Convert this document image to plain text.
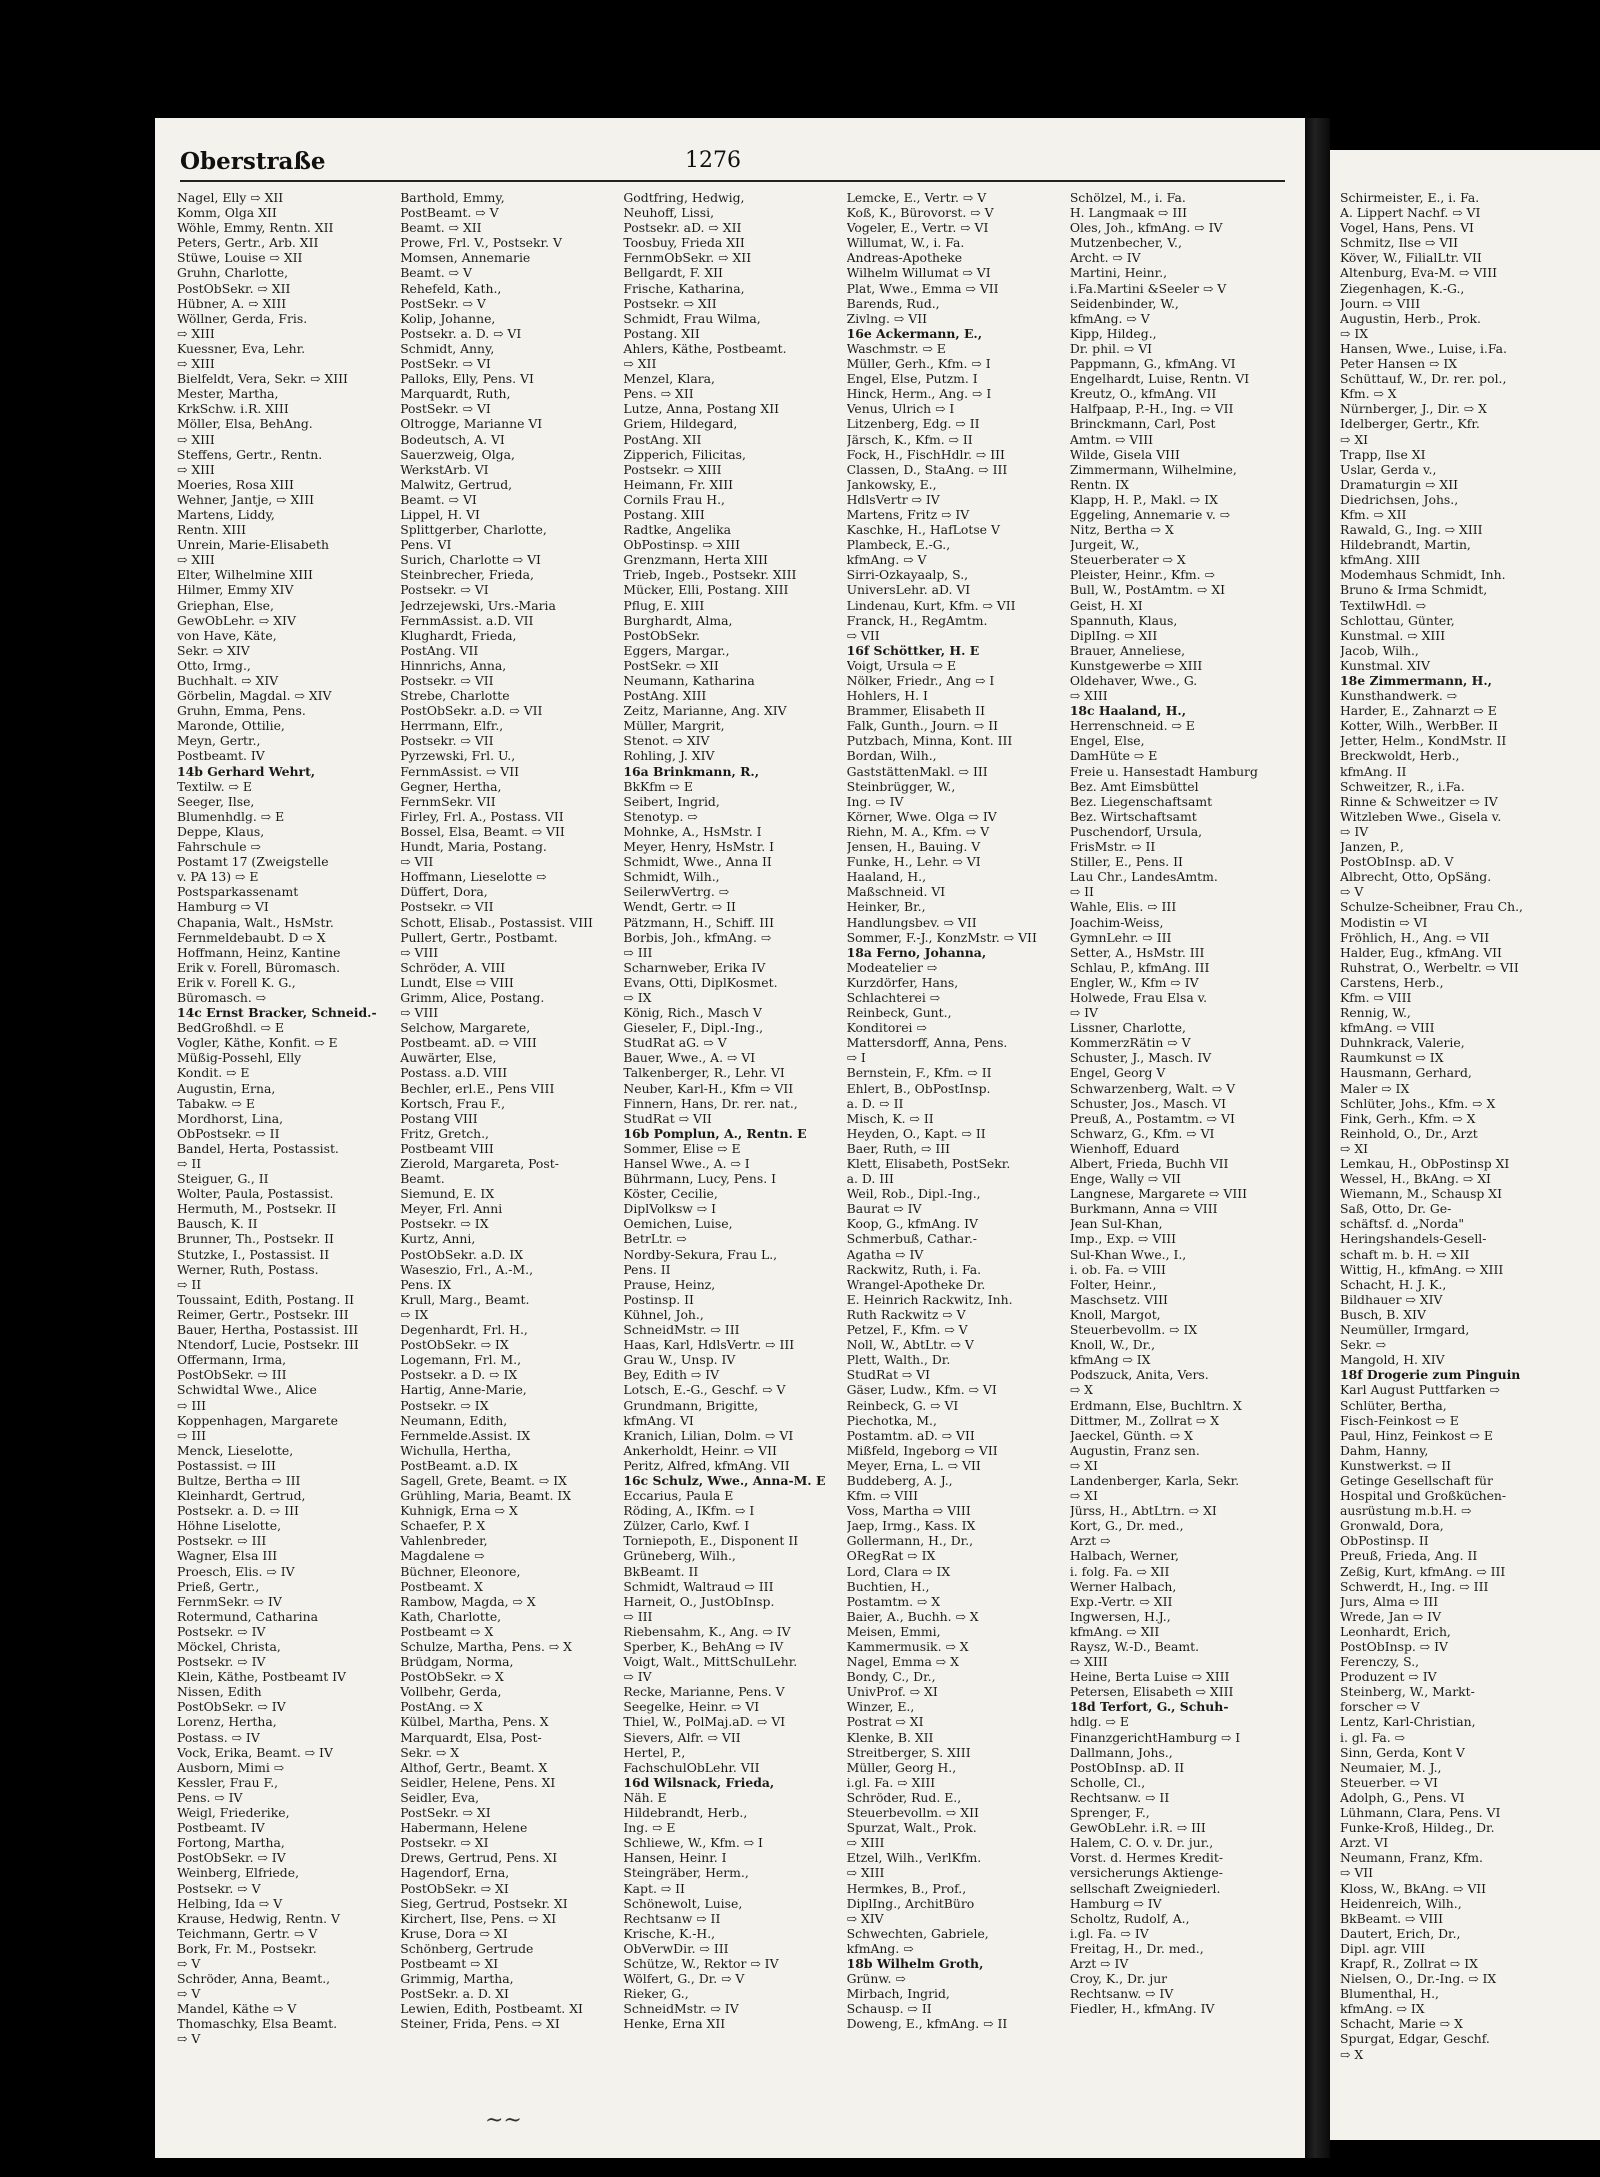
Oberstraße	1276
Nagel, Elly ⇨ XII
Komm, Olga XII
Wöhle, Emmy, Rentn. XII
Peters, Gertr., Arb. XII
Stüwe, Louise ⇨ XII
Gruhn, Charlotte,
PostObSekr. ⇨ XII
Hübner, A. ⇨ XIII
Wöllner, Gerda, Fris.
⇨ XIII
Kuessner, Eva, Lehr.
⇨ XIII
Bielfeldt, Vera, Sekr. ⇨ XIII
Mester, Martha,
KrkSchw. i.R. XIII
Möller, Elsa, BehAng.
⇨ XIII
Steffens, Gertr., Rentn.
⇨ XIII
Moeries, Rosa XIII
Wehner, Jantje, ⇨ XIII
Martens, Liddy,
Rentn. XIII
Unrein, Marie-Elisabeth
⇨ XIII
Elter, Wilhelmine XIII
Hilmer, Emmy XIV
Griephan, Else,
GewObLehr. ⇨ XIV
von Have, Käte,
Sekr. ⇨ XIV
Otto, Irmg.,
Buchhalt. ⇨ XIV
Görbelin, Magdal. ⇨ XIV
Gruhn, Emma, Pens.
Maronde, Ottilie,
Meyn, Gertr.,
Postbeamt. IV
14b Gerhard Wehrt,
Textilw. ⇨ E
Seeger, Ilse,
Blumenhdlg. ⇨ E
Deppe, Klaus,
Fahrschule ⇨
Postamt 17 (Zweigstelle
v. PA 13) ⇨ E
Postsparkassenamt
Hamburg ⇨ VI
Chapania, Walt., HsMstr.
Fernmeldebaubt. D ⇨ X
Hoffmann, Heinz, Kantine
Erik v. Forell, Büromasch.
Erik v. Forell K. G.,
Büromasch. ⇨
14c Ernst Bracker, Schneid.-
BedGroßhdl. ⇨ E
Vogler, Käthe, Konfit. ⇨ E
Müßig-Possehl, Elly
Kondit. ⇨ E
Augustin, Erna,
Tabakw. ⇨ E
Mordhorst, Lina,
ObPostsekr. ⇨ II
Bandel, Herta, Postassist.
⇨ II
Steiguer, G., II
Wolter, Paula, Postassist.
Hermuth, M., Postsekr. II
Bausch, K. II
Brunner, Th., Postsekr. II
Stutzke, I., Postassist. II
Werner, Ruth, Postass.
⇨ II
Toussaint, Edith, Postang. II
Reimer, Gertr., Postsekr. III
Bauer, Hertha, Postassist. III
Ntendorf, Lucie, Postsekr. III
Offermann, Irma,
PostObSekr. ⇨ III
Schwidtal Wwe., Alice
⇨ III
Koppenhagen, Margarete
⇨ III
Menck, Lieselotte,
Postassist. ⇨ III
Bultze, Bertha ⇨ III
Kleinhardt, Gertrud,
Postsekr. a. D. ⇨ III
Höhne Liselotte,
Postsekr. ⇨ III
Wagner, Elsa III
Proesch, Elis. ⇨ IV
Prieß, Gertr.,
FernmSekr. ⇨ IV
Rotermund, Catharina
Postsekr. ⇨ IV
Möckel, Christa,
Postsekr. ⇨ IV
Klein, Käthe, Postbeamt IV
Nissen, Edith
PostObSekr. ⇨ IV
Lorenz, Hertha,
Postass. ⇨ IV
Vock, Erika, Beamt. ⇨ IV
Ausborn, Mimi ⇨
Kessler, Frau F.,
Pens. ⇨ IV
Weigl, Friederike,
Postbeamt. IV
Fortong, Martha,
PostObSekr. ⇨ IV
Weinberg, Elfriede,
Postsekr. ⇨ V
Helbing, Ida ⇨ V
Krause, Hedwig, Rentn. V
Teichmann, Gertr. ⇨ V
Bork, Fr. M., Postsekr.
⇨ V
Schröder, Anna, Beamt.,
⇨ V
Mandel, Käthe ⇨ V
Thomaschky, Elsa Beamt.
⇨ V
Barthold, Emmy,
PostBeamt. ⇨ V
Beamt. ⇨ XII
Prowe, Frl. V., Postsekr. V
Momsen, Annemarie
Beamt. ⇨ V
Rehefeld, Kath.,
PostSekr. ⇨ V
Kolip, Johanne,
Postsekr. a. D. ⇨ VI
Schmidt, Anny,
PostSekr. ⇨ VI
Palloks, Elly, Pens. VI
Marquardt, Ruth,
PostSekr. ⇨ VI
Oltrogge, Marianne VI
Bodeutsch, A. VI
Sauerzweig, Olga,
WerkstArb. VI
Malwitz, Gertrud,
Beamt. ⇨ VI
Lippel, H. VI
Splittgerber, Charlotte,
Pens. VI
Surich, Charlotte ⇨ VI
Steinbrecher, Frieda,
Postsekr. ⇨ VI
Jedrzejewski, Urs.-Maria
FernmAssist. a.D. VII
Klughardt, Frieda,
PostAng. VII
Hinnrichs, Anna,
Postsekr. ⇨ VII
Strebe, Charlotte
PostObSekr. a.D. ⇨ VII
Herrmann, Elfr.,
Postsekr. ⇨ VII
Pyrzewski, Frl. U.,
FernmAssist. ⇨ VII
Gegner, Hertha,
FernmSekr. VII
Firley, Frl. A., Postass. VII
Bossel, Elsa, Beamt. ⇨ VII
Hundt, Maria, Postang.
⇨ VII
Hoffmann, Lieselotte ⇨
Düffert, Dora,
Postsekr. ⇨ VII
Schott, Elisab., Postassist. VIII
Pullert, Gertr., Postbamt.
⇨ VIII
Schröder, A. VIII
Lundt, Else ⇨ VIII
Grimm, Alice, Postang.
⇨ VIII
Selchow, Margarete,
Postbeamt. aD. ⇨ VIII
Auwärter, Else,
Postass. a.D. VIII
Bechler, erl.E., Pens VIII
Kortsch, Frau F.,
Postang VIII
Fritz, Gretch.,
Postbeamt VIII
Zierold, Margareta, Post-
Beamt.
Siemund, E. IX
Meyer, Frl. Anni
Postsekr. ⇨ IX
Kurtz, Anni,
PostObSekr. a.D. IX
Waseszio, Frl., A.-M.,
Pens. IX
Krull, Marg., Beamt.
⇨ IX
Degenhardt, Frl. H.,
PostObSekr. ⇨ IX
Logemann, Frl. M.,
Postsekr. a D. ⇨ IX
Hartig, Anne-Marie,
Postsekr. ⇨ IX
Neumann, Edith,
Fernmelde.Assist. IX
Wichulla, Hertha,
PostBeamt. a.D. IX
Sagell, Grete, Beamt. ⇨ IX
Grühling, Maria, Beamt. IX
Kuhnigk, Erna ⇨ X
Schaefer, P. X
Vahlenbreder,
Magdalene ⇨
Büchner, Eleonore,
Postbeamt. X
Rambow, Magda, ⇨ X
Kath, Charlotte,
Postbeamt ⇨ X
Schulze, Martha, Pens. ⇨ X
Brüdgam, Norma,
PostObSekr. ⇨ X
Vollbehr, Gerda,
PostAng. ⇨ X
Külbel, Martha, Pens. X
Marquardt, Elsa, Post-
Sekr. ⇨ X
Althof, Gertr., Beamt. X
Seidler, Helene, Pens. XI
Seidler, Eva,
PostSekr. ⇨ XI
Habermann, Helene
Postsekr. ⇨ XI
Drews, Gertrud, Pens. XI
Hagendorf, Erna,
PostObSekr. ⇨ XI
Sieg, Gertrud, Postsekr. XI
Kirchert, Ilse, Pens. ⇨ XI
Kruse, Dora ⇨ XI
Schönberg, Gertrude
Postbeamt ⇨ XI
Grimmig, Martha,
PostSekr. a. D. XI
Lewien, Edith, Postbeamt. XI
Steiner, Frida, Pens. ⇨ XI
Godtfring, Hedwig,
Neuhoff, Lissi,
Postsekr. aD. ⇨ XII
Toosbuy, Frieda XII
FernmObSekr. ⇨ XII
Bellgardt, F. XII
Frische, Katharina,
Postsekr. ⇨ XII
Schmidt, Frau Wilma,
Postang. XII
Ahlers, Käthe, Postbeamt.
⇨ XII
Menzel, Klara,
Pens. ⇨ XII
Lutze, Anna, Postang XII
Griem, Hildegard,
PostAng. XII
Zipperich, Filicitas,
Postsekr. ⇨ XIII
Heimann, Fr. XIII
Cornils Frau H.,
Postang. XIII
Radtke, Angelika
ObPostinsp. ⇨ XIII
Grenzmann, Herta XIII
Trieb, Ingeb., Postsekr. XIII
Mücker, Elli, Postang. XIII
Pflug, E. XIII
Burghardt, Alma,
PostObSekr.
Eggers, Margar.,
PostSekr. ⇨ XII
Neumann, Katharina
PostAng. XIII
Zeitz, Marianne, Ang. XIV
Müller, Margrit,
Stenot. ⇨ XIV
Rohling, J. XIV
16a Brinkmann, R.,
BkKfm ⇨ E
Seibert, Ingrid,
Stenotyp. ⇨
Mohnke, A., HsMstr. I
Meyer, Henry, HsMstr. I
Schmidt, Wwe., Anna II
Schmidt, Wilh.,
SeilerwVertrg. ⇨
Wendt, Gertr. ⇨ II
Pätzmann, H., Schiff. III
Borbis, Joh., kfmAng. ⇨
⇨ III
Scharnweber, Erika IV
Evans, Otti, DiplKosmet.
⇨ IX
König, Rich., Masch V
Gieseler, F., Dipl.-Ing.,
StudRat aG. ⇨ V
Bauer, Wwe., A. ⇨ VI
Talkenberger, R., Lehr. VI
Neuber, Karl-H., Kfm ⇨ VII
Finnern, Hans, Dr. rer. nat.,
StudRat ⇨ VII
16b Pomplun, A., Rentn. E
Sommer, Elise ⇨ E
Hansel Wwe., A. ⇨ I
Bührmann, Lucy, Pens. I
Köster, Cecilie,
DiplVolksw ⇨ I
Oemichen, Luise,
BetrLtr. ⇨
Nordby-Sekura, Frau L.,
Pens. II
Prause, Heinz,
Postinsp. II
Kühnel, Joh.,
SchneidMstr. ⇨ III
Haas, Karl, HdlsVertr. ⇨ III
Grau W., Unsp. IV
Bey, Edith ⇨ IV
Lotsch, E.-G., Geschf. ⇨ V
Grundmann, Brigitte,
kfmAng. VI
Kranich, Lilian, Dolm. ⇨ VI
Ankerholdt, Heinr. ⇨ VII
Peritz, Alfred, kfmAng. VII
16c Schulz, Wwe., Anna-M. E
Eccarius, Paula E
Röding, A., IKfm. ⇨ I
Zülzer, Carlo, Kwf. I
Torniepoth, E., Disponent II
Grüneberg, Wilh.,
BkBeamt. II
Schmidt, Waltraud ⇨ III
Harneit, O., JustObInsp.
⇨ III
Riebensahm, K., Ang. ⇨ IV
Sperber, K., BehAng ⇨ IV
Voigt, Walt., MittSchulLehr.
⇨ IV
Recke, Marianne, Pens. V
Seegelke, Heinr. ⇨ VI
Thiel, W., PolMaj.aD. ⇨ VI
Sievers, Alfr. ⇨ VII
Hertel, P.,
FachschulObLehr. VII
16d Wilsnack, Frieda,
Näh. E
Hildebrandt, Herb.,
Ing. ⇨ E
Schliewe, W., Kfm. ⇨ I
Hansen, Heinr. I
Steingräber, Herm.,
Kapt. ⇨ II
Schönewolt, Luise,
Rechtsanw ⇨ II
Krische, K.-H.,
ObVerwDir. ⇨ III
Schütze, W., Rektor ⇨ IV
Wölfert, G., Dr. ⇨ V
Rieker, G.,
SchneidMstr. ⇨ IV
Henke, Erna XII
Lemcke, E., Vertr. ⇨ V
Koß, K., Bürovorst. ⇨ V
Vogeler, E., Vertr. ⇨ VI
Willumat, W., i. Fa.
Andreas-Apotheke
Wilhelm Willumat ⇨ VI
Plat, Wwe., Emma ⇨ VII
Barends, Rud.,
Zivlng. ⇨ VII
16e Ackermann, E.,
Waschmstr. ⇨ E
Müller, Gerh., Kfm. ⇨ I
Engel, Else, Putzm. I
Hinck, Herm., Ang. ⇨ I
Venus, Ulrich ⇨ I
Litzenberg, Edg. ⇨ II
Järsch, K., Kfm. ⇨ II
Fock, H., FischHdlr. ⇨ III
Classen, D., StaAng. ⇨ III
Jankowsky, E.,
HdlsVertr ⇨ IV
Martens, Fritz ⇨ IV
Kaschke, H., HafLotse V
Plambeck, E.-G.,
kfmAng. ⇨ V
Sirri-Ozkayaalp, S.,
UniversLehr. aD. VI
Lindenau, Kurt, Kfm. ⇨ VII
Franck, H., RegAmtm.
⇨ VII
16f Schöttker, H. E
Voigt, Ursula ⇨ E
Nölker, Friedr., Ang ⇨ I
Hohlers, H. I
Brammer, Elisabeth II
Falk, Gunth., Journ. ⇨ II
Putzbach, Minna, Kont. III
Bordan, Wilh.,
GaststättenMakl. ⇨ III
Steinbrügger, W.,
Ing. ⇨ IV
Körner, Wwe. Olga ⇨ IV
Riehn, M. A., Kfm. ⇨ V
Jensen, H., Bauing. V
Funke, H., Lehr. ⇨ VI
Haaland, H.,
Maßschneid. VI
Heinker, Br.,
Handlungsbev. ⇨ VII
Sommer, F.-J., KonzMstr. ⇨ VII
18a Ferno, Johanna,
Modeatelier ⇨
Kurzdörfer, Hans,
Schlachterei ⇨
Reinbeck, Gunt.,
Konditorei ⇨
Mattersdorff, Anna, Pens.
⇨ I
Bernstein, F., Kfm. ⇨ II
Ehlert, B., ObPostInsp.
a. D. ⇨ II
Misch, K. ⇨ II
Heyden, O., Kapt. ⇨ II
Baer, Ruth, ⇨ III
Klett, Elisabeth, PostSekr.
a. D. III
Weil, Rob., Dipl.-Ing.,
Baurat ⇨ IV
Koop, G., kfmAng. IV
Schmerbuß, Cathar.-
Agatha ⇨ IV
Rackwitz, Ruth, i. Fa.
Wrangel-Apotheke Dr.
E. Heinrich Rackwitz, Inh.
Ruth Rackwitz ⇨ V
Petzel, F., Kfm. ⇨ V
Noll, W., AbtLtr. ⇨ V
Plett, Walth., Dr.
StudRat ⇨ VI
Gäser, Ludw., Kfm. ⇨ VI
Reinbeck, G. ⇨ VI
Piechotka, M.,
Postamtm. aD. ⇨ VII
Mißfeld, Ingeborg ⇨ VII
Meyer, Erna, L. ⇨ VII
Buddeberg, A. J.,
Kfm. ⇨ VIII
Voss, Martha ⇨ VIII
Jaep, Irmg., Kass. IX
Gollermann, H., Dr.,
ORegRat ⇨ IX
Lord, Clara ⇨ IX
Buchtien, H.,
Postamtm. ⇨ X
Baier, A., Buchh. ⇨ X
Meisen, Emmi,
Kammermusik. ⇨ X
Nagel, Emma ⇨ X
Bondy, C., Dr.,
UnivProf. ⇨ XI
Winzer, E.,
Postrat ⇨ XI
Klenke, B. XII
Streitberger, S. XIII
Müller, Georg H.,
i.gl. Fa. ⇨ XIII
Schröder, Rud. E.,
Steuerbevollm. ⇨ XII
Spurzat, Walt., Prok.
⇨ XIII
Etzel, Wilh., VerlKfm.
⇨ XIII
Hermkes, B., Prof.,
DiplIng., ArchitBüro
⇨ XIV
Schwechten, Gabriele,
kfmAng. ⇨
18b Wilhelm Groth,
Grünw. ⇨
Mirbach, Ingrid,
Schausp. ⇨ II
Doweng, E., kfmAng. ⇨ II
Schölzel, M., i. Fa.
H. Langmaak ⇨ III
Oles, Joh., kfmAng. ⇨ IV
Mutzenbecher, V.,
Archt. ⇨ IV
Martini, Heinr.,
i.Fa.Martini &Seeler ⇨ V
Seidenbinder, W.,
kfmAng. ⇨ V
Kipp, Hildeg.,
Dr. phil. ⇨ VI
Pappmann, G., kfmAng. VI
Engelhardt, Luise, Rentn. VI
Kreutz, O., kfmAng. VII
Halfpaap, P.-H., Ing. ⇨ VII
Brinckmann, Carl, Post
Amtm. ⇨ VIII
Wilde, Gisela VIII
Zimmermann, Wilhelmine,
Rentn. IX
Klapp, H. P., Makl. ⇨ IX
Eggeling, Annemarie v. ⇨
Nitz, Bertha ⇨ X
Jurgeit, W.,
Steuerberater ⇨ X
Pleister, Heinr., Kfm. ⇨
Bull, W., PostAmtm. ⇨ XI
Geist, H. XI
Spannuth, Klaus,
DiplIng. ⇨ XII
Brauer, Anneliese,
Kunstgewerbe ⇨ XIII
Oldehaver, Wwe., G.
⇨ XIII
18c Haaland, H.,
Herrenschneid. ⇨ E
Engel, Else,
DamHüte ⇨ E
Freie u. Hansestadt Hamburg
Bez. Amt Eimsbüttel
Bez. Liegenschaftsamt
Bez. Wirtschaftsamt
Puschendorf, Ursula,
FrisMstr. ⇨ II
Stiller, E., Pens. II
Lau Chr., LandesAmtm.
⇨ II
Wahle, Elis. ⇨ III
Joachim-Weiss,
GymnLehr. ⇨ III
Setter, A., HsMstr. III
Schlau, P., kfmAng. III
Engler, W., Kfm ⇨ IV
Holwede, Frau Elsa v.
⇨ IV
Lissner, Charlotte,
KommerzRätin ⇨ V
Schuster, J., Masch. IV
Engel, Georg V
Schwarzenberg, Walt. ⇨ V
Schuster, Jos., Masch. VI
Preuß, A., Postamtm. ⇨ VI
Schwarz, G., Kfm. ⇨ VI
Wienhoff, Eduard
Albert, Frieda, Buchh VII
Enge, Wally ⇨ VII
Langnese, Margarete ⇨ VIII
Burkmann, Anna ⇨ VIII
Jean Sul-Khan,
Imp., Exp. ⇨ VIII
Sul-Khan Wwe., I.,
i. ob. Fa. ⇨ VIII
Folter, Heinr.,
Maschsetz. VIII
Knoll, Margot,
Steuerbevollm. ⇨ IX
Knoll, W., Dr.,
kfmAng ⇨ IX
Podszuck, Anita, Vers.
⇨ X
Erdmann, Else, Buchltrn. X
Dittmer, M., Zollrat ⇨ X
Jaeckel, Günth. ⇨ X
Augustin, Franz sen.
⇨ XI
Landenberger, Karla, Sekr.
⇨ XI
Jürss, H., AbtLtrn. ⇨ XI
Kort, G., Dr. med.,
Arzt ⇨
Halbach, Werner,
i. folg. Fa. ⇨ XII
Werner Halbach,
Exp.-Vertr. ⇨ XII
Ingwersen, H.J.,
kfmAng. ⇨ XII
Raysz, W.-D., Beamt.
⇨ XIII
Heine, Berta Luise ⇨ XIII
Petersen, Elisabeth ⇨ XIII
18d Terfort, G., Schuh-
hdlg. ⇨ E
FinanzgerichtHamburg ⇨ I
Dallmann, Johs.,
PostObInsp. aD. II
Scholle, Cl.,
Rechtsanw. ⇨ II
Sprenger, F.,
GewObLehr. i.R. ⇨ III
Halem, C. O. v. Dr. jur.,
Vorst. d. Hermes Kredit-
versicherungs Aktienge-
sellschaft Zweigniederl.
Hamburg ⇨ IV
Scholtz, Rudolf, A.,
i.gl. Fa. ⇨ IV
Freitag, H., Dr. med.,
Arzt ⇨ IV
Croy, K., Dr. jur
Rechtsanw. ⇨ IV
Fiedler, H., kfmAng. IV
~~
Schirmeister, E., i. Fa.
A. Lippert Nachf. ⇨ VI
Vogel, Hans, Pens. VI
Schmitz, Ilse ⇨ VII
Köver, W., FilialLtr. VII
Altenburg, Eva-M. ⇨ VIII
Ziegenhagen, K.-G.,
Journ. ⇨ VIII
Augustin, Herb., Prok.
⇨ IX
Hansen, Wwe., Luise, i.Fa.
Peter Hansen ⇨ IX
Schüttauf, W., Dr. rer. pol.,
Kfm. ⇨ X
Nürnberger, J., Dir. ⇨ X
Idelberger, Gertr., Kfr.
⇨ XI
Trapp, Ilse XI
Uslar, Gerda v.,
Dramaturgin ⇨ XII
Diedrichsen, Johs.,
Kfm. ⇨ XII
Rawald, G., Ing. ⇨ XIII
Hildebrandt, Martin,
kfmAng. XIII
Modemhaus Schmidt, Inh.
Bruno & Irma Schmidt,
TextilwHdl. ⇨
Schlottau, Günter,
Kunstmal. ⇨ XIII
Jacob, Wilh.,
Kunstmal. XIV
18e Zimmermann, H.,
Kunsthandwerk. ⇨
Harder, E., Zahnarzt ⇨ E
Kotter, Wilh., WerbBer. II
Jetter, Helm., KondMstr. II
Breckwoldt, Herb.,
kfmAng. II
Schweitzer, R., i.Fa.
Rinne & Schweitzer ⇨ IV
Witzleben Wwe., Gisela v.
⇨ IV
Janzen, P.,
PostObInsp. aD. V
Albrecht, Otto, OpSäng.
⇨ V
Schulze-Scheibner, Frau Ch.,
Modistin ⇨ VI
Fröhlich, H., Ang. ⇨ VII
Halder, Eug., kfmAng. VII
Ruhstrat, O., Werbeltr. ⇨ VII
Carstens, Herb.,
Kfm. ⇨ VIII
Rennig, W.,
kfmAng. ⇨ VIII
Duhnkrack, Valerie,
Raumkunst ⇨ IX
Hausmann, Gerhard,
Maler ⇨ IX
Schlüter, Johs., Kfm. ⇨ X
Fink, Gerh., Kfm. ⇨ X
Reinhold, O., Dr., Arzt
⇨ XI
Lemkau, H., ObPostinsp XI
Wessel, H., BkAng. ⇨ XI
Wiemann, M., Schausp XI
Saß, Otto, Dr. Ge-
schäftsf. d. „Norda"
Heringshandels-Gesell-
schaft m. b. H. ⇨ XII
Wittig, H., kfmAng. ⇨ XIII
Schacht, H. J. K.,
Bildhauer ⇨ XIV
Busch, B. XIV
Neumüller, Irmgard,
Sekr. ⇨
Mangold, H. XIV
18f Drogerie zum Pinguin
Karl August Puttfarken ⇨
Schlüter, Bertha,
Fisch-Feinkost ⇨ E
Paul, Hinz, Feinkost ⇨ E
Dahm, Hanny,
Kunstwerkst. ⇨ II
Getinge Gesellschaft für
Hospital und Großküchen-
ausrüstung m.b.H. ⇨
Gronwald, Dora,
ObPostinsp. II
Preuß, Frieda, Ang. II
Zeßig, Kurt, kfmAng. ⇨ III
Schwerdt, H., Ing. ⇨ III
Jurs, Alma ⇨ III
Wrede, Jan ⇨ IV
Leonhardt, Erich,
PostObInsp. ⇨ IV
Ferenczy, S.,
Produzent ⇨ IV
Steinberg, W., Markt-
forscher ⇨ V
Lentz, Karl-Christian,
i. gl. Fa. ⇨
Sinn, Gerda, Kont V
Neumaier, M. J.,
Steuerber. ⇨ VI
Adolph, G., Pens. VI
Lühmann, Clara, Pens. VI
Funke-Kroß, Hildeg., Dr.
Arzt. VI
Neumann, Franz, Kfm.
⇨ VII
Kloss, W., BkAng. ⇨ VII
Heidenreich, Wilh.,
BkBeamt. ⇨ VIII
Dautert, Erich, Dr.,
Dipl. agr. VIII
Krapf, R., Zollrat ⇨ IX
Nielsen, O., Dr.-Ing. ⇨ IX
Blumenthal, H.,
kfmAng. ⇨ IX
Schacht, Marie ⇨ X
Spurgat, Edgar, Geschf.
⇨ X
